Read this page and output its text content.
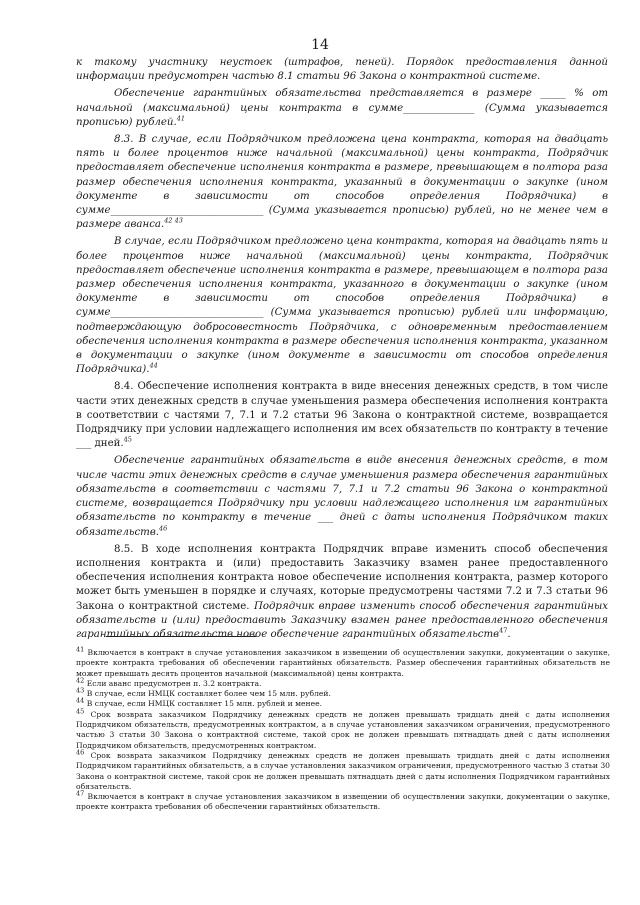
14

к такому участнику неустоек (штрафов, пеней). Порядок предоставления данной информации предусмотрен частью 8.1 статьи 96 Закона о контрактной системе.

Обеспечение гарантийных обязательства представляется в размере _____ % от начальной (максимальной) цены контракта в сумме______________ (Сумма указывается прописью) рублей.$^{41}$

8.3. В случае, если Подрядчиком предложена цена контракта, которая на двадцать пять и более процентов ниже начальной (максимальной) цены контракта, Подрядчик предоставляет обеспечение исполнения контракта в размере, превышающем в полтора раза размер обеспечения исполнения контракта, указанный в документации о закупке (ином документе в зависимости от способов определения Подрядчика) в сумме______________________________ (Сумма указывается прописью) рублей, но не менее чем в размере аванса.$^{42 43}$

В случае, если Подрядчиком предложено цена контракта, которая на двадцать пять и более процентов ниже начальной (максимальной) цены контракта, Подрядчик предоставляет обеспечение исполнения контракта в размере, превышающем в полтора раза размер обеспечения исполнения контракта, указанного в документации о закупке (ином документе в зависимости от способов определения Подрядчика) в сумме______________________________ (Сумма указывается прописью) рублей или информацию, подтверждающую добросовестность Подрядчика, с одновременным предоставлением обеспечения исполнения контракта в размере обеспечения исполнения контракта, указанном в документации о закупке (ином документе в зависимости от способов определения Подрядчика).$^{44}$

8.4. Обеспечение исполнения контракта в виде внесения денежных средств, в том числе части этих денежных средств в случае уменьшения размера обеспечения исполнения контракта в соответствии с частями 7, 7.1 и 7.2 статьи 96 Закона о контрактной системе, возвращается Подрядчику при условии надлежащего исполнения им всех обязательств по контракту в течение ___ дней.$^{45}$

Обеспечение гарантийных обязательств в виде внесения денежных средств, в том числе части этих денежных средств в случае уменьшения размера обеспечения гарантийных обязательств в соответствии с частями 7, 7.1 и 7.2 статьи 96 Закона о контрактной системе, возвращается Подрядчику при условии надлежащего исполнения им гарантийных обязательств по контракту в течение ___ дней с даты исполнения Подрядчиком таких обязательств.$^{46}$

8.5. В ходе исполнения контракта Подрядчик вправе изменить способ обеспечения исполнения контракта и (или) предоставить Заказчику взамен ранее предоставленного обеспечения исполнения контракта новое обеспечение исполнения контракта, размер которого может быть уменьшен в порядке и случаях, которые предусмотрены частями 7.2 и 7.3 статьи 96 Закона о контрактной системе. Подрядчик вправе изменить способ обеспечения гарантийных обязательств и (или) предоставить Заказчику взамен ранее предоставленного обеспечения гарантийных обязательств новое обеспечение гарантийных обязательств$^{47}$.

$^{41}$ Включается в контракт в случае установления заказчиком в извещении об осуществлении закупки, документации о закупке, проекте контракта требования об обеспечении гарантийных обязательств. Размер обеспечения гарантийных обязательств не может превышать десять процентов начальной (максимальной) цены контракта.

$^{42}$ Если аванс предусмотрен п. 3.2 контракта.

$^{43}$ В случае, если НМЦК составляет более чем 15 млн. рублей.

$^{44}$ В случае, если НМЦК составляет 15 млн. рублей и менее.

$^{45}$ Срок возврата заказчиком Подрядчику денежных средств не должен превышать тридцать дней с даты исполнения Подрядчиком обязательств, предусмотренных контрактом, а в случае установления заказчиком ограничения, предусмотренного частью 3 статьи 30 Закона о контрактной системе, такой срок не должен превышать пятнадцать дней с даты исполнения Подрядчиком обязательств, предусмотренных контрактом.

$^{46}$ Срок возврата заказчиком Подрядчику денежных средств не должен превышать тридцать дней с даты исполнения Подрядчиком гарантийных обязательств, а в случае установления заказчиком ограничения, предусмотренного частью 3 статьи 30 Закона о контрактной системе, такой срок не должен превышать пятнадцать дней с даты исполнения Подрядчиком гарантийных обязательств.

$^{47}$ Включается в контракт в случае установления заказчиком в извещении об осуществлении закупки, документации о закупке, проекте контракта требования об обеспечении гарантийных обязательств.
